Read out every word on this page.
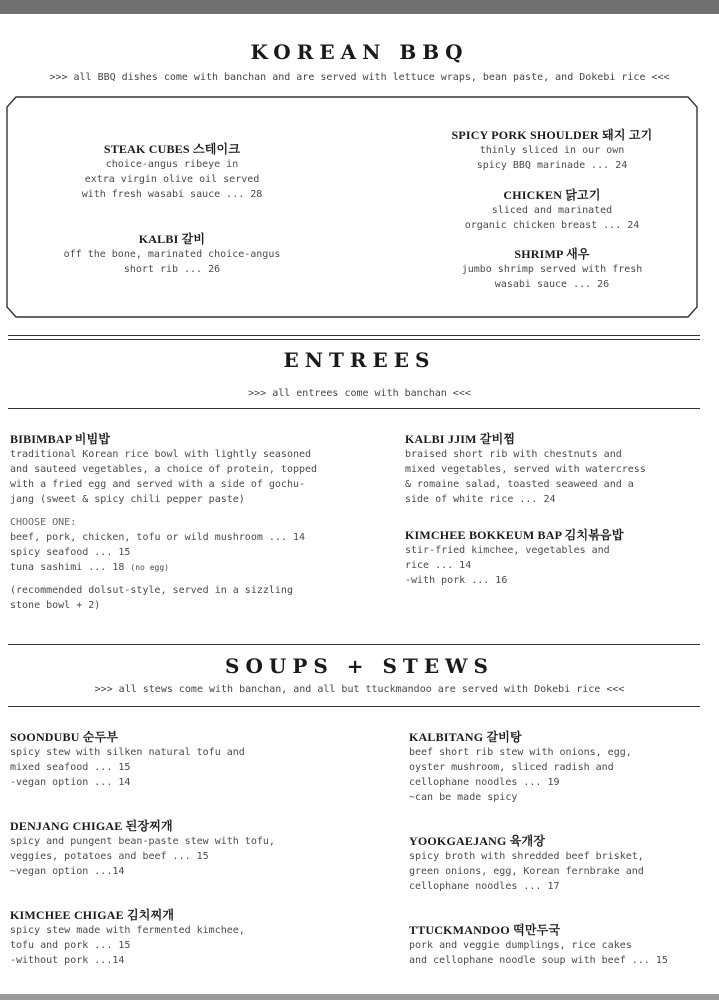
KOREAN BBQ
>>> all BBQ dishes come with banchan and are served with lettuce wraps, bean paste, and Dokebi rice <<<
STEAK CUBES 스테이크
choice-angus ribeye in
extra virgin olive oil served
with fresh wasabi sauce ... 28
KALBI 갈비
off the bone, marinated choice-angus
short rib ... 26
SPICY PORK SHOULDER 돼지 고기
thinly sliced in our own
spicy BBQ marinade ... 24
CHICKEN 닭고기
sliced and marinated
organic chicken breast ... 24
SHRIMP 새우
jumbo shrimp served with fresh
wasabi sauce ... 26
ENTREES
>>> all entrees come with banchan <<<
BIBIMBAP 비빔밥
traditional Korean rice bowl with lightly seasoned
and sauteed vegetables, a choice of protein, topped
with a fried egg and served with a side of gochu-
jang (sweet & spicy chili pepper paste)
CHOOSE ONE:
beef, pork, chicken, tofu or wild mushroom ... 14
spicy seafood ... 15
tuna sashimi ... 18 (no egg)
(recommended dolsut-style, served in a sizzling
stone bowl + 2)
KALBI JJIM 갈비찜
braised short rib with chestnuts and
mixed vegetables, served with watercress
& romaine salad, toasted seaweed and a
side of white rice ... 24
KIMCHEE BOKKEUM BAP 김치볶음밥
stir-fried kimchee, vegetables and
rice ... 14
-with pork ... 16
SOUPS + STEWS
>>> all stews come with banchan, and all but ttuckmandoo are served with Dokebi rice <<<
SOONDUBU 순두부
spicy stew with silken natural tofu and
mixed seafood ... 15
-vegan option ... 14
DENJANG CHIGAE 된장찌개
spicy and pungent bean-paste stew with tofu,
veggies, potatoes and beef ... 15
~vegan option ...14
KIMCHEE CHIGAE 김치찌개
spicy stew made with fermented kimchee,
tofu and pork ... 15
-without pork ...14
KALBITANG 갈비탕
beef short rib stew with onions, egg,
oyster mushroom, sliced radish and
cellophane noodles ... 19
~can be made spicy
YOOKGAEJANG 육개장
spicy broth with shredded beef brisket,
green onions, egg, Korean fernbrake and
cellophane noodles ... 17
TTUCKMANDOO 떡만두국
pork and veggie dumplings, rice cakes
and cellophane noodle soup with beef ... 15
